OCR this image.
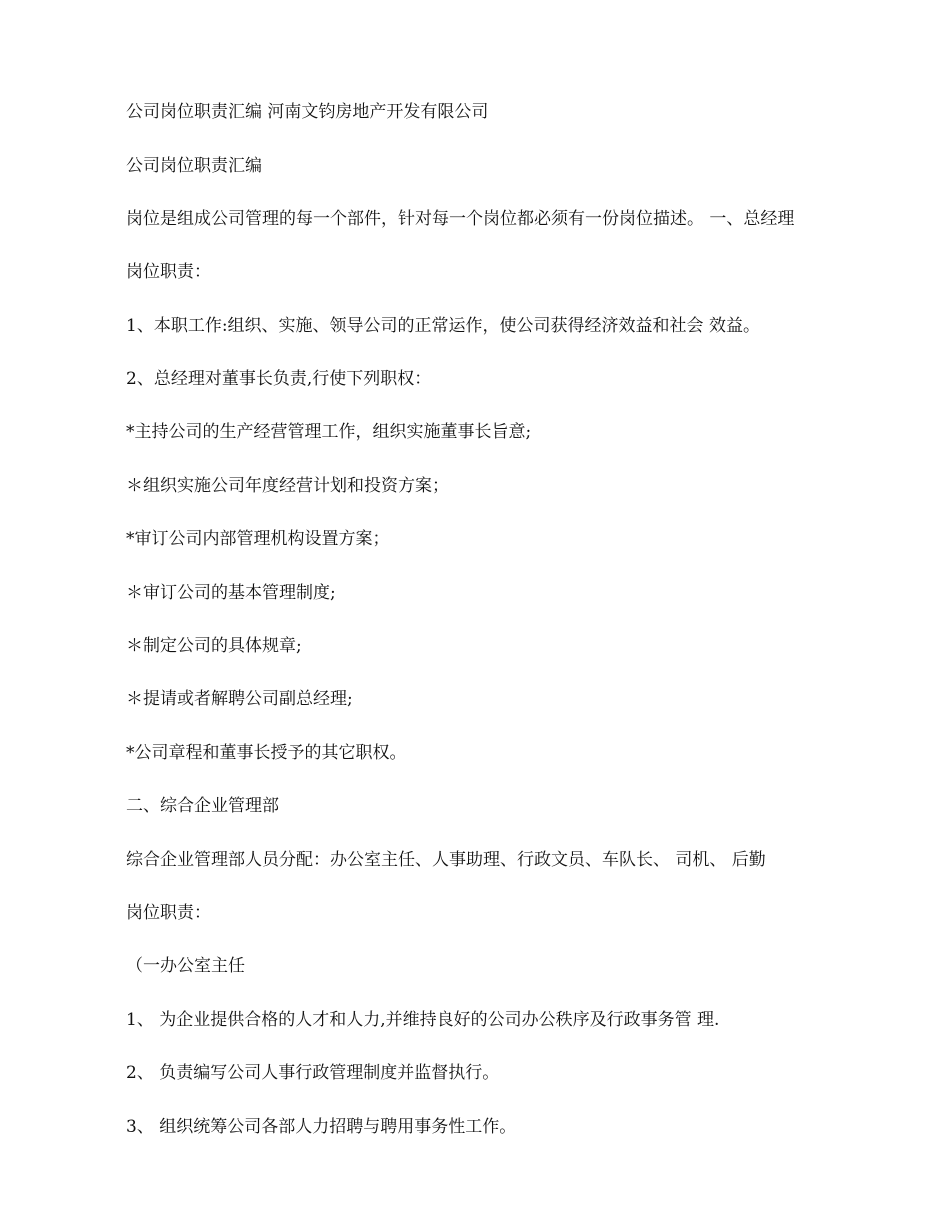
公司岗位职责汇编 河南文钧房地产开发有限公司

公司岗位职责汇编

岗位是组成公司管理的每一个部件，针对每一个岗位都必须有一份岗位描述。 一、总经理

岗位职责：

1、本职工作:组织、实施、领导公司的正常运作，使公司获得经济效益和社会 效益。

2、总经理对董事长负责,行使下列职权：

*主持公司的生产经营管理工作，组织实施董事长旨意;

＊组织实施公司年度经营计划和投资方案；

*审订公司内部管理机构设置方案；

＊审订公司的基本管理制度;

＊制定公司的具体规章;

＊提请或者解聘公司副总经理;

*公司章程和董事长授予的其它职权。

二、综合企业管理部

综合企业管理部人员分配：办公室主任、人事助理、行政文员、车队长、 司机、 后勤

岗位职责：

（一办公室主任

1、 为企业提供合格的人才和人力,并维持良好的公司办公秩序及行政事务管 理.

2、 负责编写公司人事行政管理制度并监督执行。

3、 组织统筹公司各部人力招聘与聘用事务性工作。
